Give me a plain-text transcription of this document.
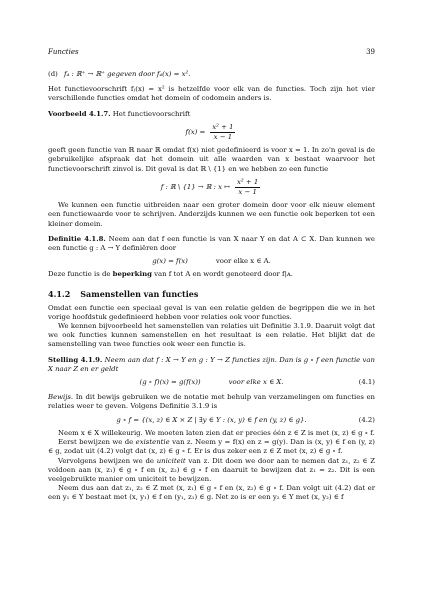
Functies	39

(d) f₄ : ℝ⁺ → ℝ⁺ gegeven door f₄(x) = x².

Het functievoorschrift fⱼ(x) = x² is hetzelfde voor elk van de functies. Toch zijn het vier verschillende functies omdat het domein of codomein anders is.

Voorbeeld 4.1.7. Het functievoorschrift

$f(x) = \frac{\text{x² + 1}}{x - 1}$

geeft geen functie van ℝ naar ℝ omdat f(x) niet gedefinieerd is voor x = 1. In zo'n geval is de gebruikelijke afspraak dat het domein uit alle waarden van x bestaat waarvoor het functievoorschrift zinvol is. Dit geval is dat ℝ \ {1} en we hebben zo een functie

f : ℝ \ {1} → ℝ : x ↦ $\frac{\text{x² + 1}}{x - 1}$

We kunnen een functie uitbreiden naar een groter domein door voor elk nieuw element een functiewaarde voor te schrijven. Anderzijds kunnen we een functie ook beperken tot een kleiner domein.

Definitie 4.1.8. Neem aan dat f een functie is van X naar Y en dat A ⊂ X. Dan kunnen we een functie g : A → Y definiëren door

g(x) = f(x)	voor elke x ∈ A.

Deze functie is de beperking van f tot A en wordt genoteerd door f|ᴀ.

4.1.2 Samenstellen van functies

Omdat een functie een speciaal geval is van een relatie gelden de begrippen die we in het vorige hoofdstuk gedefinieerd hebben voor relaties ook voor functies.

We kennen bijvoorbeeld het samenstellen van relaties uit Definitie 3.1.9. Daaruit volgt dat we ook functies kunnen samenstellen en het resultaat is een relatie. Het blijkt dat de samenstelling van twee functies ook weer een functie is.

Stelling 4.1.9. Neem aan dat f : X → Y en g : Y → Z functies zijn. Dan is g ∘ f een functie van X naar Z en er geldt

(g ∘ f)(x) = g(f(x))	voor elke x ∈ X.	(4.1)

Bewijs. In dit bewijs gebruiken we de notatie met behulp van verzamelingen om functies en relaties weer te geven. Volgens Definitie 3.1.9 is

g ∘ f = {(x, z) ∈ X × Z | ∃y ∈ Y : (x, y) ∈ f en (y, z) ∈ g}.	(4.2)

Neem x ∈ X willekeurig. We moeten laten zien dat er precies één z ∈ Z is met (x, z) ∈ g ∘ f.

Eerst bewijzen we de existentie van z. Neem y = f(x) en z = g(y). Dan is (x, y) ∈ f en (y, z) ∈ g, zodat uit (4.2) volgt dat (x, z) ∈ g ∘ f. Er is dus zeker een z ∈ Z met (x, z) ∈ g ∘ f.

Vervolgens bewijzen we de uniciteit van z. Dit doen we door aan te nemen dat z₁, z₂ ∈ Z voldoen aan (x, z₁) ∈ g ∘ f en (x, z₂) ∈ g ∘ f en daaruit te bewijzen dat z₁ = z₂. Dit is een veelgebruikte manier om uniciteit te bewijzen.

Neem dus aan dat z₁, z₂ ∈ Z met (x, z₁) ∈ g ∘ f en (x, z₂) ∈ g ∘ f. Dan volgt uit (4.2) dat er een y₁ ∈ Y bestaat met (x, y₁) ∈ f en (y₁, z₁) ∈ g. Net zo is er een y₂ ∈ Y met (x, y₂) ∈ f
